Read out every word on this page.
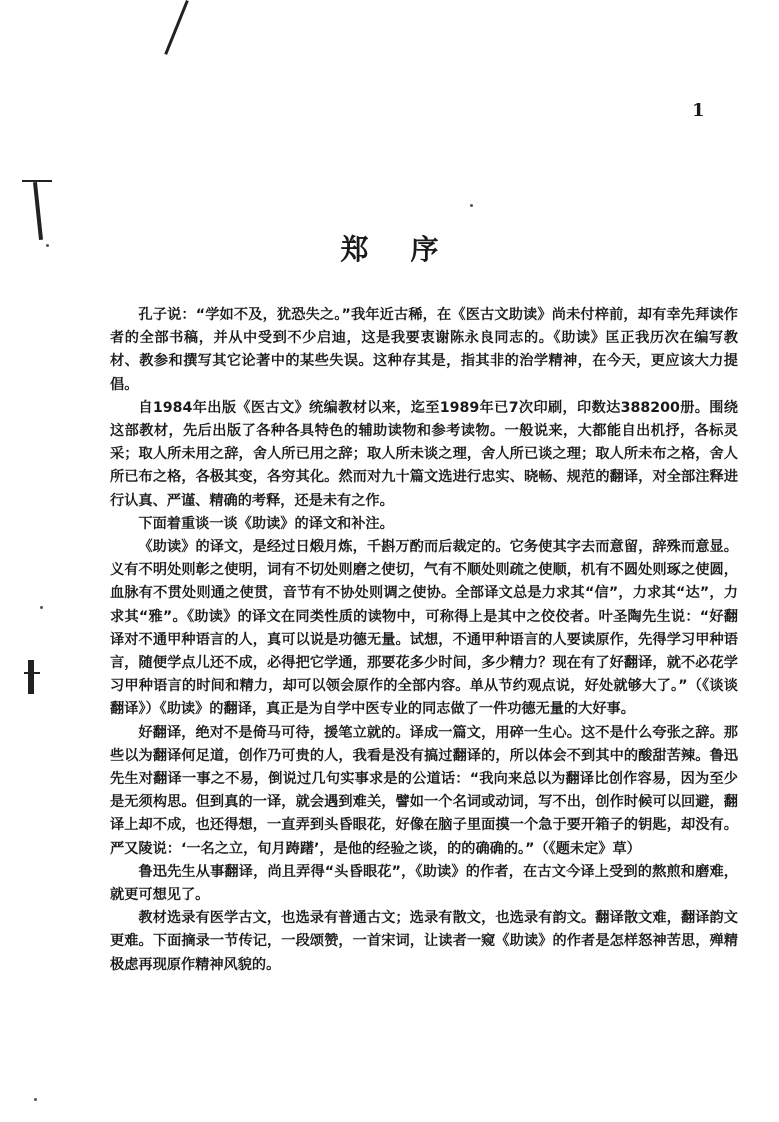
1
郑序

孔子说：“学如不及，犹恐失之。”我年近古稀，在《医古文助读》尚未付梓前，却有幸先拜读作者的全部书稿，并从中受到不少启迪，这是我要衷谢陈永良同志的。《助读》匡正我历次在编写教材、教参和撰写其它论著中的某些失误。这种存其是，指其非的治学精神，在今天，更应该大力提倡。

自1984年出版《医古文》统编教材以来，迄至1989年已7次印刷，印数达388200册。围绕这部教材，先后出版了各种各具特色的辅助读物和参考读物。一般说来，大都能自出机抒，各标灵采；取人所未用之辞，舍人所已用之辞；取人所未谈之理，舍人所已谈之理；取人所未布之格，舍人所已布之格，各极其变，各穷其化。然而对九十篇文选进行忠实、晓畅、规范的翻译，对全部注释进行认真、严谨、精确的考释，还是未有之作。

下面着重谈一谈《助读》的译文和补注。

《助读》的译文，是经过日煅月炼，千斟万酌而后裁定的。它务使其字去而意留，辞殊而意显。义有不明处则彰之使明，词有不切处则磨之使切，气有不顺处则疏之使顺，机有不圆处则琢之使圆，血脉有不贯处则通之使贯，音节有不协处则调之使协。全部译文总是力求其“信”，力求其“达”，力求其“雅”。《助读》的译文在同类性质的读物中，可称得上是其中之佼佼者。叶圣陶先生说：“好翻译对不通甲种语言的人，真可以说是功德无量。试想，不通甲种语言的人要读原作，先得学习甲种语言，随便学点儿还不成，必得把它学通，那要花多少时间，多少精力？现在有了好翻译，就不必花学习甲种语言的时间和精力，却可以领会原作的全部内容。单从节约观点说，好处就够大了。”（《谈谈翻译》）《助读》的翻译，真正是为自学中医专业的同志做了一件功德无量的大好事。

好翻译，绝对不是倚马可待，援笔立就的。译成一篇文，用碎一生心。这不是什么夸张之辞。那些以为翻译何足道，创作乃可贵的人，我看是没有搞过翻译的，所以体会不到其中的酸甜苦辣。鲁迅先生对翻译一事之不易，倒说过几句实事求是的公道话：“我向来总以为翻译比创作容易，因为至少是无须构思。但到真的一译，就会遇到难关，譬如一个名词或动词，写不出，创作时候可以回避，翻译上却不成，也还得想，一直弄到头昏眼花，好像在脑子里面摸一个急于要开箱子的钥匙，却没有。严又陵说：‘一名之立，旬月踌躇’，是他的经验之谈，的的确确的。”（《题未定》草）

鲁迅先生从事翻译，尚且弄得“头昏眼花”，《助读》的作者，在古文今译上受到的熬煎和磨难，就更可想见了。

教材选录有医学古文，也选录有普通古文；选录有散文，也选录有韵文。翻译散文难，翻译韵文更难。下面摘录一节传记，一段颂赞，一首宋词，让读者一窥《助读》的作者是怎样怒神苦思，殚精极虑再现原作精神风貌的。
